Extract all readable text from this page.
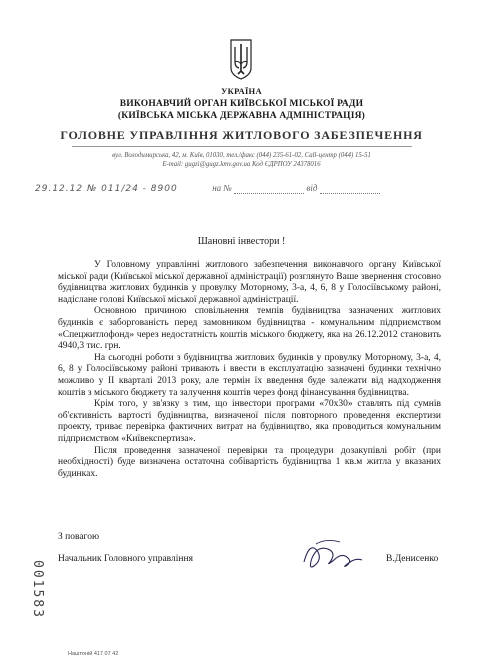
УКРАЇНА
ВИКОНАВЧИЙ ОРГАН КИЇВСЬКОЇ МІСЬКОЇ РАДИ
(КИЇВСЬКА МІСЬКА ДЕРЖАВНА АДМІНІСТРАЦІЯ)
ГОЛОВНЕ УПРАВЛІННЯ ЖИТЛОВОГО ЗАБЕЗПЕЧЕННЯ
вул. Володимирська, 42, м. Київ, 01030, тел./факс (044) 235-61-02, Call-центр (044) 15-51
E-mail: gugzi@gugz.kmv.gov.ua Код ЄДРПОУ 24378016
29.12.12 № 011/24 - 8900	на №	від
Шановні інвестори !

У Головному управлінні житлового забезпечення виконавчого органу Київської міської ради (Київської міської державної адміністрації) розглянуто Ваше звернення стосовно будівництва житлових будинків у провулку Моторному, 3-а, 4, 6, 8 у Голосіївському районі, надіслане голові Київської міської державної адміністрації.

Основною причиною сповільнення темпів будівництва зазначених житлових будинків є заборгованість перед замовником будівництва - комунальним підприємством «Спецжитлофонд» через недостатність коштів міського бюджету, яка на 26.12.2012 становить 4940,3 тис. грн.

На сьогодні роботи з будівництва житлових будинків у провулку Моторному, 3-а, 4, 6, 8 у Голосіївському районі тривають і ввести в експлуатацію зазначені будинки технічно можливо у ІІ кварталі 2013 року, але термін їх введення буде залежати від надходження коштів з міського бюджету та залучення коштів через фонд фінансування будівництва.

Крім того, у зв'язку з тим, що інвестори програми «70х30» ставлять під сумнів об'єктивність вартості будівництва, визначеної після повторного проведення експертизи проекту, триває перевірка фактичних витрат на будівництво, яка проводиться комунальним підприємством «Київекспертиза».

Після проведення зазначеної перевірки та процедури дозакупівлі робіт (при необхідності) буде визначена остаточна собівартість будівництва 1 кв.м житла у вказаних будинках.

З повагою
Начальник Головного управління	В.Денисенко
001583
Наштоній 417 07 42
